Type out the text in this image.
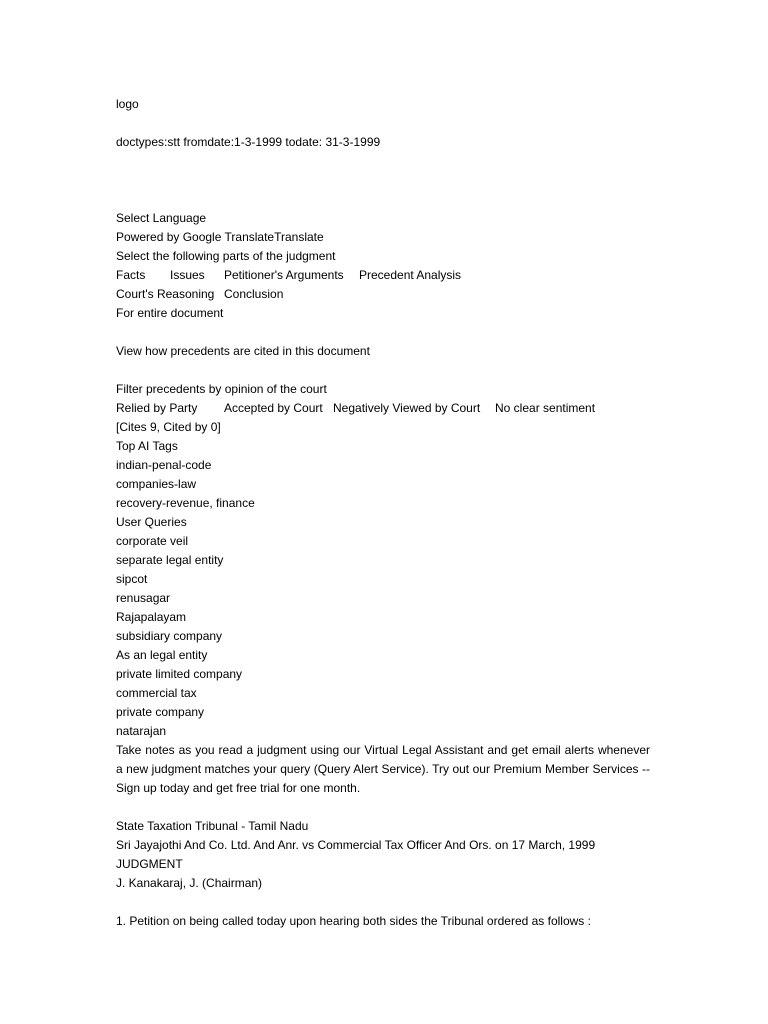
logo
doctypes:stt fromdate:1-3-1999 todate: 31-3-1999
Select Language
Powered by Google TranslateTranslate
Select the following parts of the judgment
Facts Issues Petitioner's Arguments Precedent Analysis
Court's Reasoning Conclusion
For entire document
View how precedents are cited in this document
Filter precedents by opinion of the court
Relied by Party Accepted by Court Negatively Viewed by Court No clear sentiment
[Cites 9, Cited by 0]
Top AI Tags
indian-penal-code
companies-law
recovery-revenue, finance
User Queries
corporate veil
separate legal entity
sipcot
renusagar
Rajapalayam
subsidiary company
As an legal entity
private limited company
commercial tax
private company
natarajan
Take notes as you read a judgment using our Virtual Legal Assistant and get email alerts whenever a new judgment matches your query (Query Alert Service). Try out our Premium Member Services -- Sign up today and get free trial for one month.
State Taxation Tribunal - Tamil Nadu
Sri Jayajothi And Co. Ltd. And Anr. vs Commercial Tax Officer And Ors. on 17 March, 1999
JUDGMENT
J. Kanakaraj, J. (Chairman)
1. Petition on being called today upon hearing both sides the Tribunal ordered as follows :
